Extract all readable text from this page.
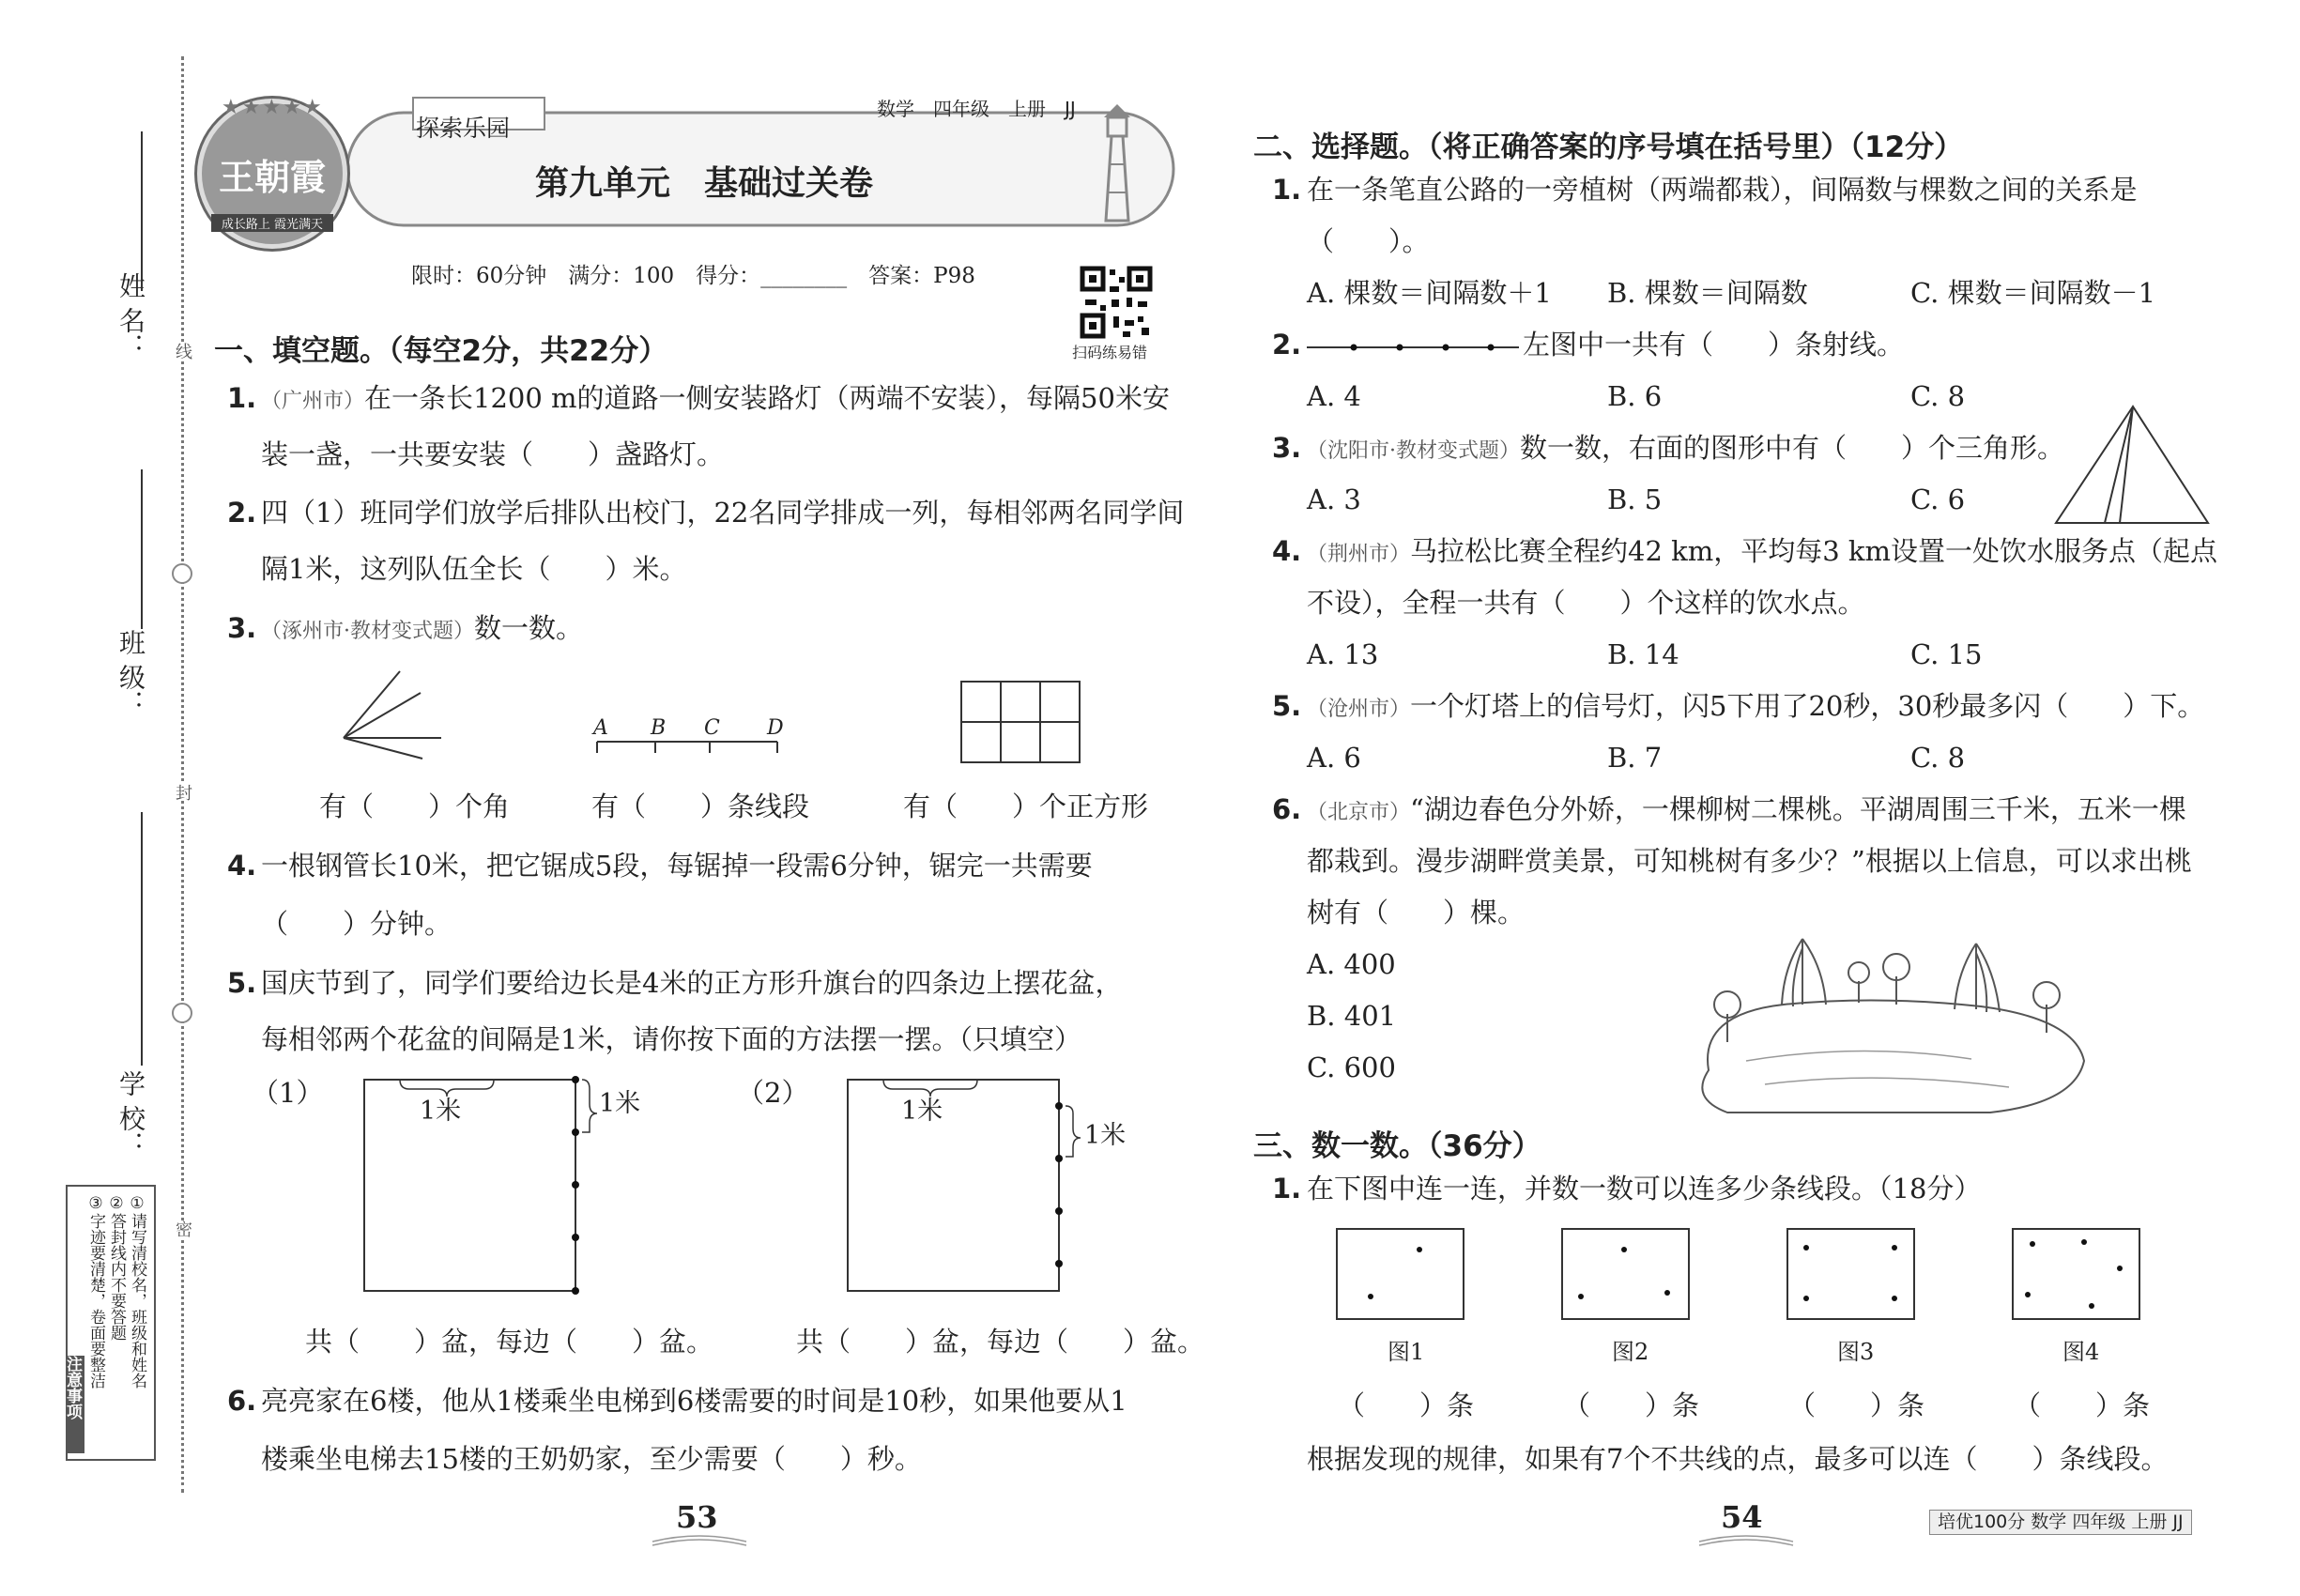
姓 名：
班 级：
学 校：
线
封
密
①请写清校名，班级和姓名
②答封线内不要答题
③字迹要清楚，卷面要整洁
注意事项
王朝霞
成长路上 霞光满天
★★★★★
探索乐园
数学　四年级　上册　JJ
第九单元　基础过关卷
限时：60分钟　满分：100　得分：________　答案：P98
扫码练易错
一、填空题。（每空2分，共22分）
1. （广州市）在一条长1200 m的道路一侧安装路灯（两端不安装），每隔50米安
装一盏，一共要安装（　　）盏路灯。
2. 四（1）班同学们放学后排队出校门，22名同学排成一列，每相邻两名同学间
隔1米，这列队伍全长（　　）米。
3. （涿州市·教材变式题）数一数。
A B C D
有（　　）个角	有（　　）条线段	有（　　）个正方形
4. 一根钢管长10米，把它锯成5段，每锯掉一段需6分钟，锯完一共需要
（　　）分钟。
5. 国庆节到了，同学们要给边长是4米的正方形升旗台的四条边上摆花盆，
每相邻两个花盆的间隔是1米，请你按下面的方法摆一摆。（只填空）
（1）	（2）
1米	1米	1米
1米
共（　　）盆，每边（　　）盆。	共（　　）盆，每边（　　）盆。
6. 亮亮家在6楼，他从1楼乘坐电梯到6楼需要的时间是10秒，如果他要从1
楼乘坐电梯去15楼的王奶奶家，至少需要（　　）秒。
53
二、选择题。（将正确答案的序号填在括号里）（12分）
1. 在一条笔直公路的一旁植树（两端都栽），间隔数与棵数之间的关系是
（　　）。
A. 棵数＝间隔数＋1 B. 棵数＝间隔数	C. 棵数＝间隔数－1
2.	左图中一共有（　　）条射线。
A. 4	B. 6	C. 8
3. （沈阳市·教材变式题）数一数，右面的图形中有（　　）个三角形。
A. 3	B. 5	C. 6
4. （荆州市）马拉松比赛全程约42 km，平均每3 km设置一处饮水服务点（起点
不设），全程一共有（　　）个这样的饮水点。
A. 13	B. 14	C. 15
5. （沧州市）一个灯塔上的信号灯，闪5下用了20秒，30秒最多闪（　　）下。
A. 6	B. 7	C. 8
6. （北京市）“湖边春色分外娇，一棵柳树二棵桃。平湖周围三千米，五米一棵
都栽到。漫步湖畔赏美景，可知桃树有多少？”根据以上信息，可以求出桃
树有（　　）棵。
A. 400
B. 401
C. 600
三、数一数。（36分）
1. 在下图中连一连，并数一数可以连多少条线段。（18分）
图1	图2	图3	图4
（　　）条	（　　）条	（　　）条	（　　）条
根据发现的规律，如果有7个不共线的点，最多可以连（　　）条线段。
54	培优100分 数学 四年级 上册 JJ
